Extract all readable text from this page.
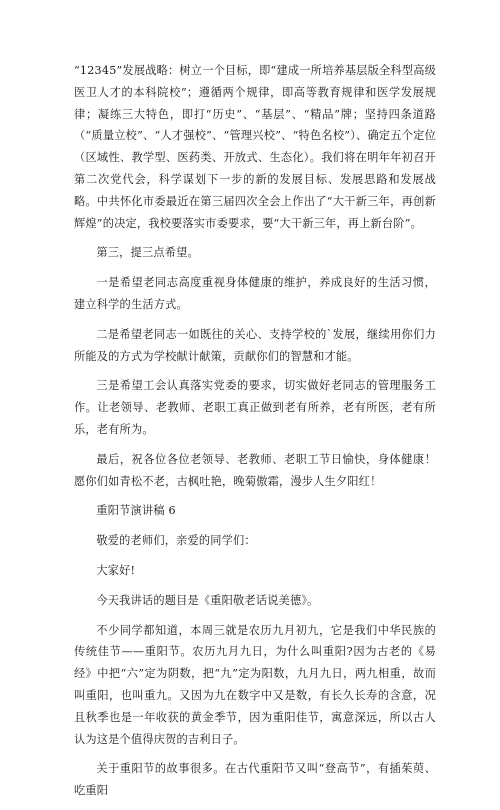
“12345”发展战略：树立一个目标，即“建成一所培养基层版全科型高级医卫人才的本科院校”；遵循两个规律，即高等教育规律和医学发展规律；凝练三大特色，即打“历史”、“基层”、“精品”牌；坚持四条道路（“质量立校”、“人才强校”、“管理兴校”、“特色名校”）、确定五个定位（区域性、教学型、医药类、开放式、生态化）。我们将在明年年初召开第二次党代会，科学谋划下一步的新的发展目标、发展思路和发展战略。中共怀化市委最近在第三届四次全会上作出了“大干新三年，再创新辉煌”的决定，我校要落实市委要求，要“大干新三年，再上新台阶”。

第三，提三点希望。

一是希望老同志高度重视身体健康的维护，养成良好的生活习惯，建立科学的生活方式。

二是希望老同志一如既往的关心、支持学校的`发展，继续用你们力所能及的方式为学校献计献策，贡献你们的智慧和才能。

三是希望工会认真落实党委的要求，切实做好老同志的管理服务工作。让老领导、老教师、老职工真正做到老有所养，老有所医，老有所乐，老有所为。

最后，祝各位各位老领导、老教师、老职工节日愉快，身体健康！愿你们如青松不老，古枫吐艳，晚菊傲霜，漫步人生夕阳红！

重阳节演讲稿 6

敬爱的老师们，亲爱的同学们：

大家好!

今天我讲话的题目是《重阳敬老话说美德》。

不少同学都知道，本周三就是农历九月初九，它是我们中华民族的传统佳节——重阳节。农历九月九日，为什么叫重阳?因为古老的《易经》中把“六”定为阴数，把“九”定为阳数，九月九日，两九相重，故而叫重阳，也叫重九。又因为九在数字中又是数，有长久长寿的含意，况且秋季也是一年收获的黄金季节，因为重阳佳节，寓意深远，所以古人认为这是个值得庆贺的吉利日子。

关于重阳节的故事很多。在古代重阳节又叫“登高节”，有插茱萸、吃重阳
